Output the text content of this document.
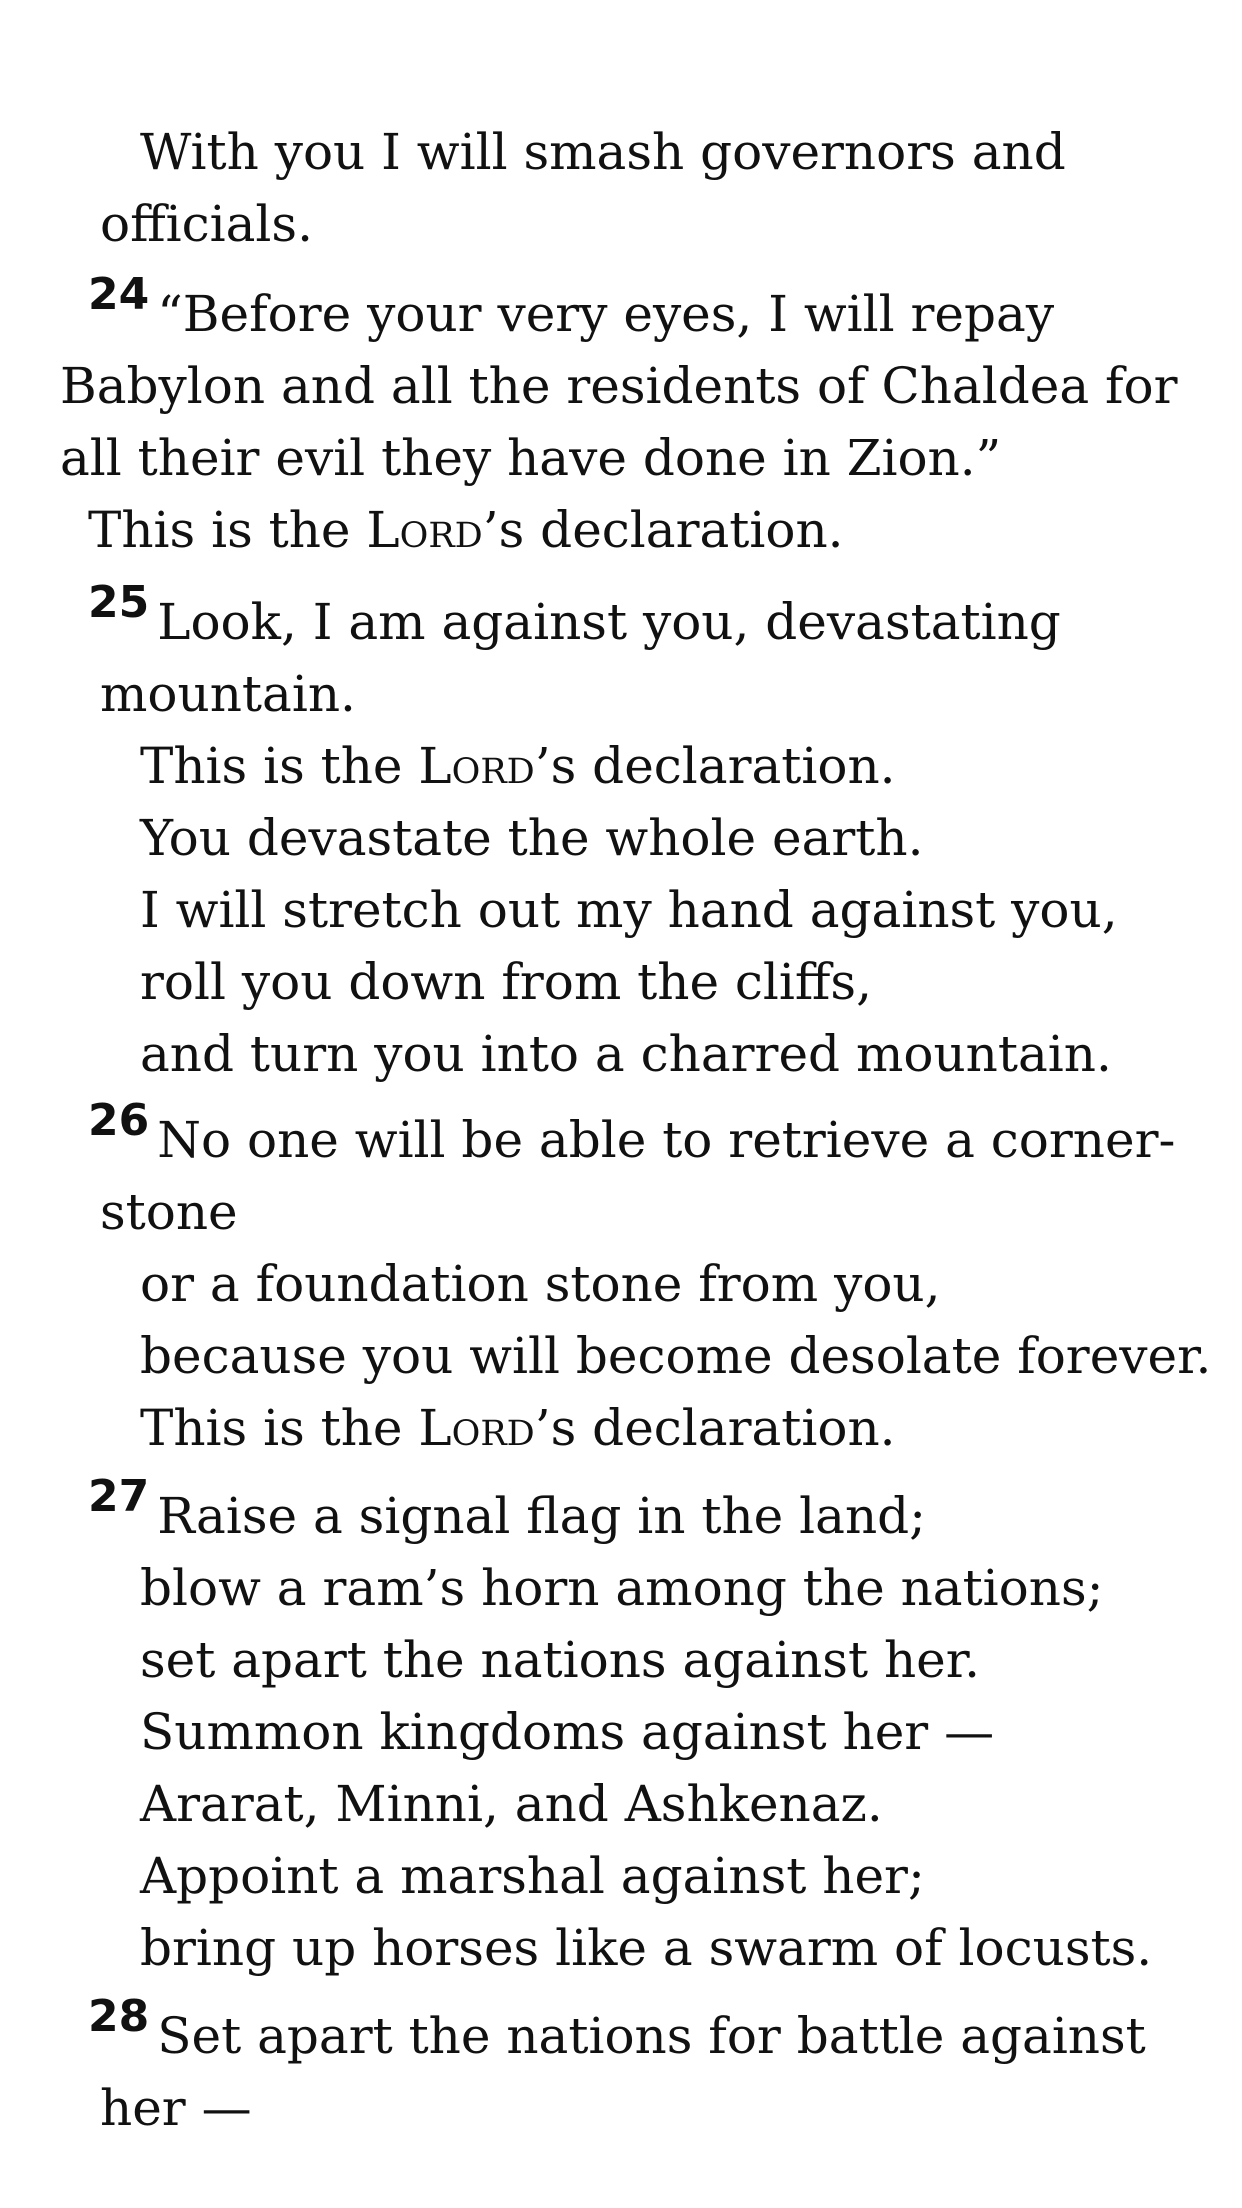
With you I will smash governors and

officials.

24 “Before your very eyes, I will repay

Babylon and all the residents of Chaldea for

all their evil they have done in Zion.”

This is the Lord’s declaration.

25 Look, I am against you, devastating

mountain.

This is the Lord’s declaration.

You devastate the whole earth.

I will stretch out my hand against you,

roll you down from the cliffs,

and turn you into a charred mountain.

26 No one will be able to retrieve a corner-

stone

or a foundation stone from you,

because you will become desolate forever.

This is the Lord’s declaration.

27 Raise a signal flag in the land;

blow a ram’s horn among the nations;

set apart the nations against her.

Summon kingdoms against her —

Ararat, Minni, and Ashkenaz.

Appoint a marshal against her;

bring up horses like a swarm of locusts.

28 Set apart the nations for battle against

her —
